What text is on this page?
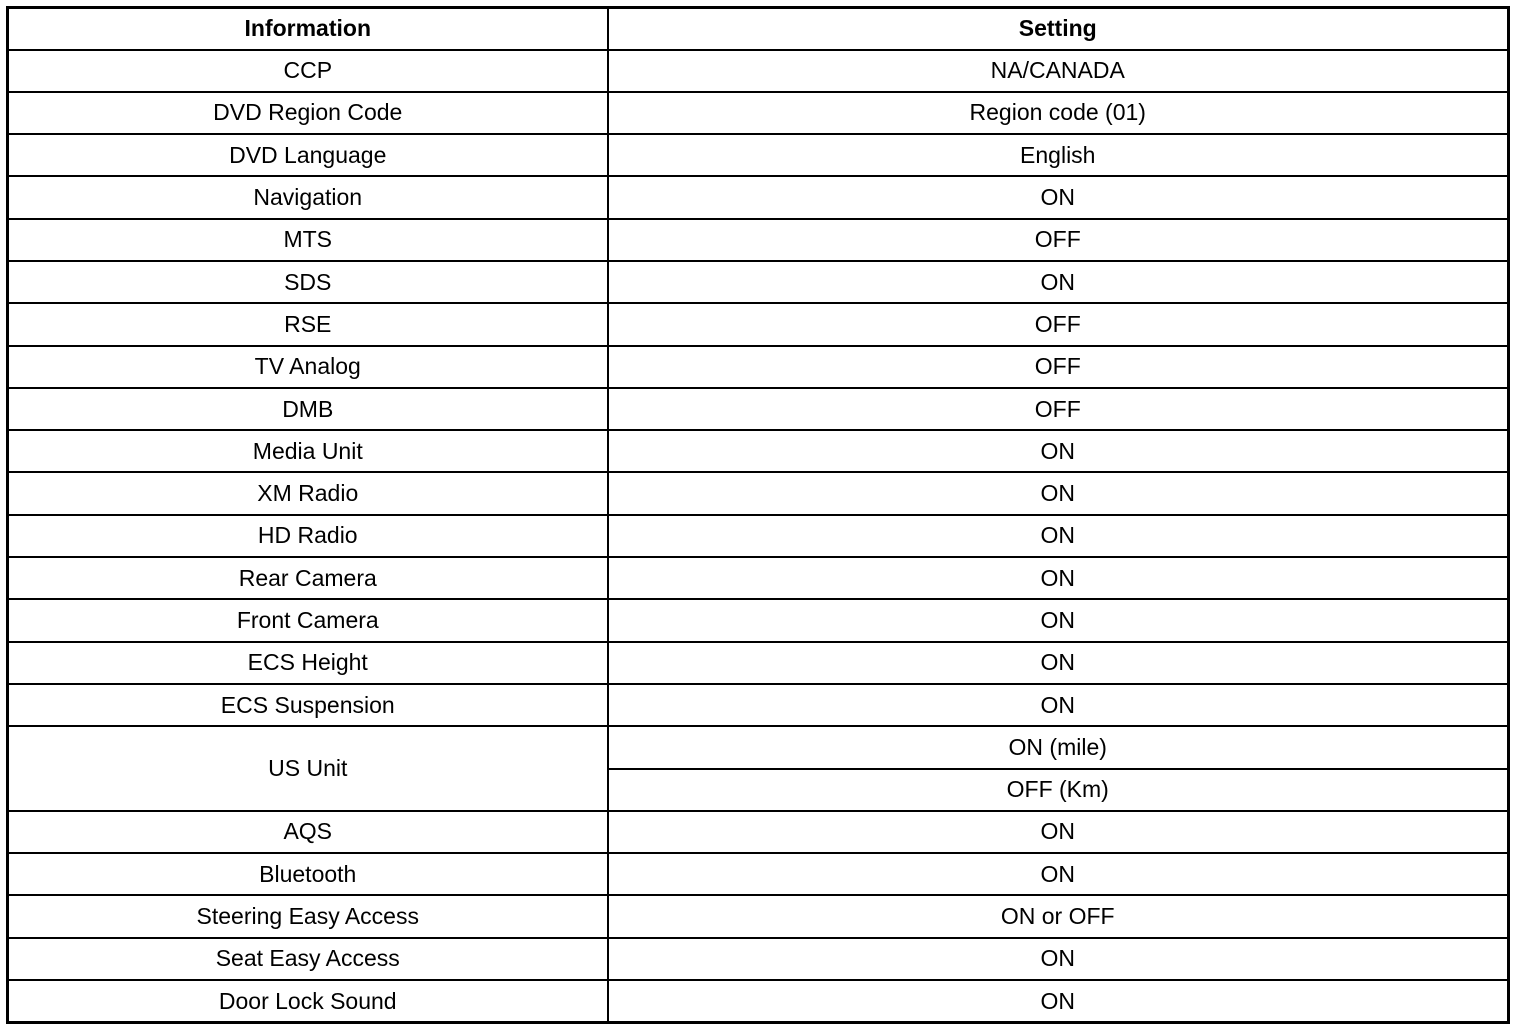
Information	Setting
CCP	NA/CANADA
DVD Region Code	Region code (01)
DVD Language	English
Navigation	ON
MTS	OFF
SDS	ON
RSE	OFF
TV Analog	OFF
DMB	OFF
Media Unit	ON
XM Radio	ON
HD Radio	ON
Rear Camera	ON
Front Camera	ON
ECS Height	ON
ECS Suspension	ON
US Unit	ON (mile)
	OFF (Km)
AQS	ON
Bluetooth	ON
Steering Easy Access	ON or OFF
Seat Easy Access	ON
Door Lock Sound	ON
